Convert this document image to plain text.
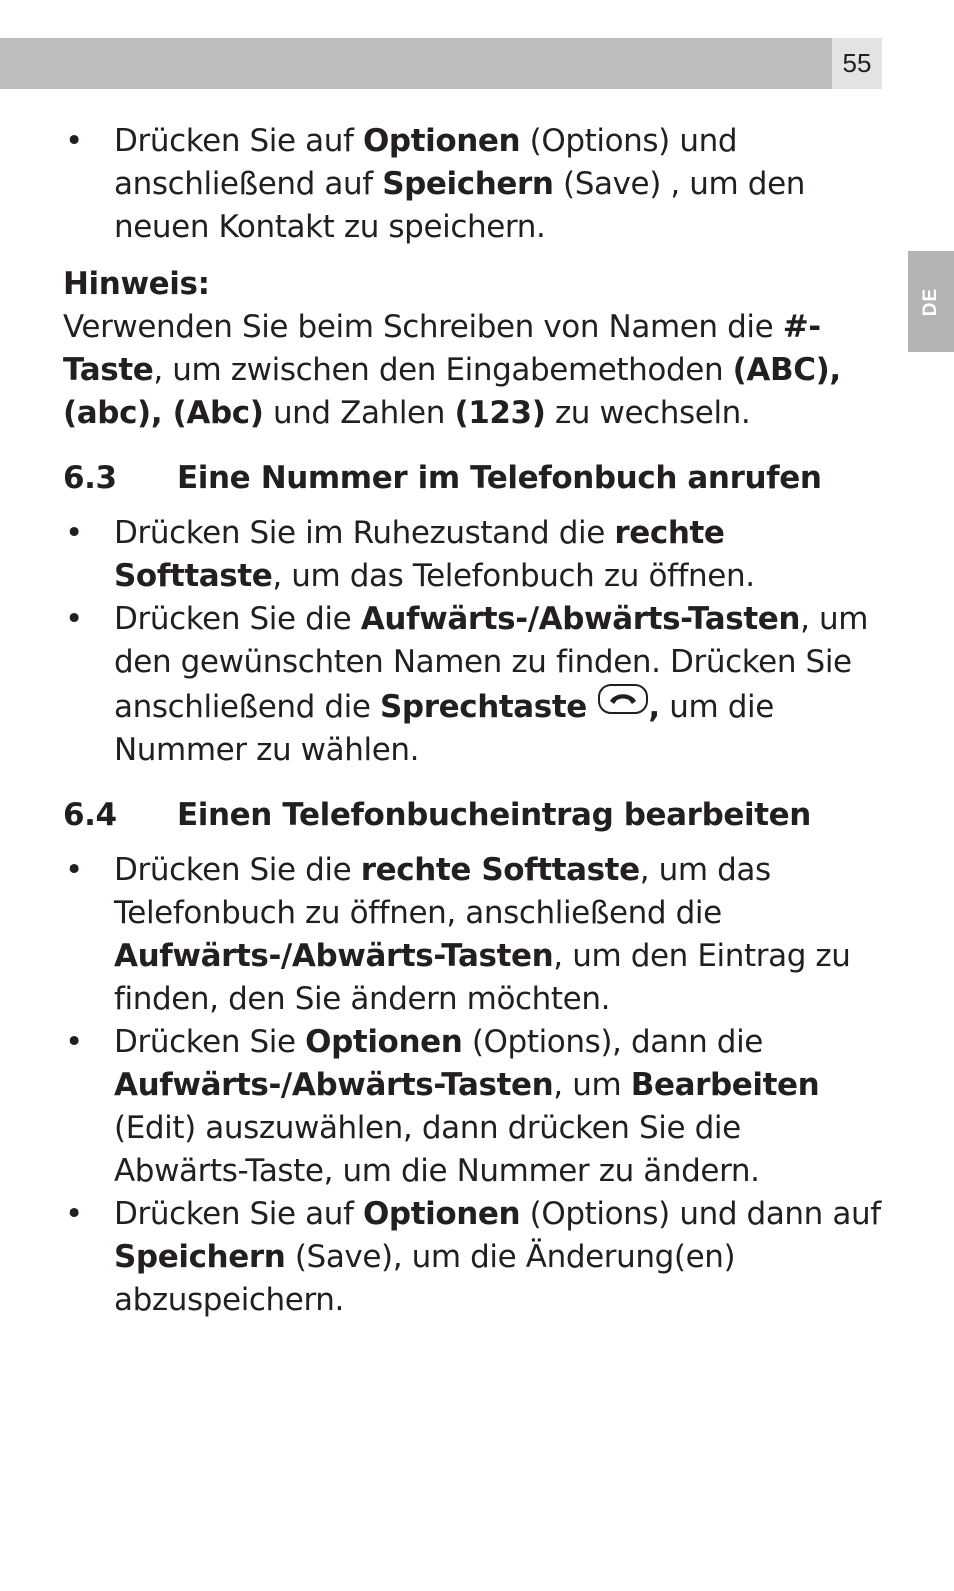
55
DE
• Drücken Sie auf Optionen (Options) und anschließend auf Speichern (Save) , um den neuen Kontakt zu speichern.
Hinweis:
Verwenden Sie beim Schreiben von Namen die #-Taste, um zwischen den Eingabemethoden (ABC), (abc), (Abc) und Zahlen (123) zu wechseln.
6.3	Eine Nummer im Telefonbuch anrufen
• Drücken Sie im Ruhezustand die rechte Softtaste, um das Telefonbuch zu öffnen.
• Drücken Sie die Aufwärts-/Abwärts-Tasten, um den gewünschten Namen zu finden. Drücken Sie anschließend die Sprechtaste , um die Nummer zu wählen.
6.4	Einen Telefonbucheintrag bearbeiten
• Drücken Sie die rechte Softtaste, um das Telefonbuch zu öffnen, anschließend die Aufwärts-/Abwärts-Tasten, um den Eintrag zu finden, den Sie ändern möchten.
• Drücken Sie Optionen (Options), dann die Aufwärts-/Abwärts-Tasten, um Bearbeiten (Edit) auszuwählen, dann drücken Sie die Abwärts-Taste, um die Nummer zu ändern.
• Drücken Sie auf Optionen (Options) und dann auf Speichern (Save), um die Änderung(en) abzuspeichern.
